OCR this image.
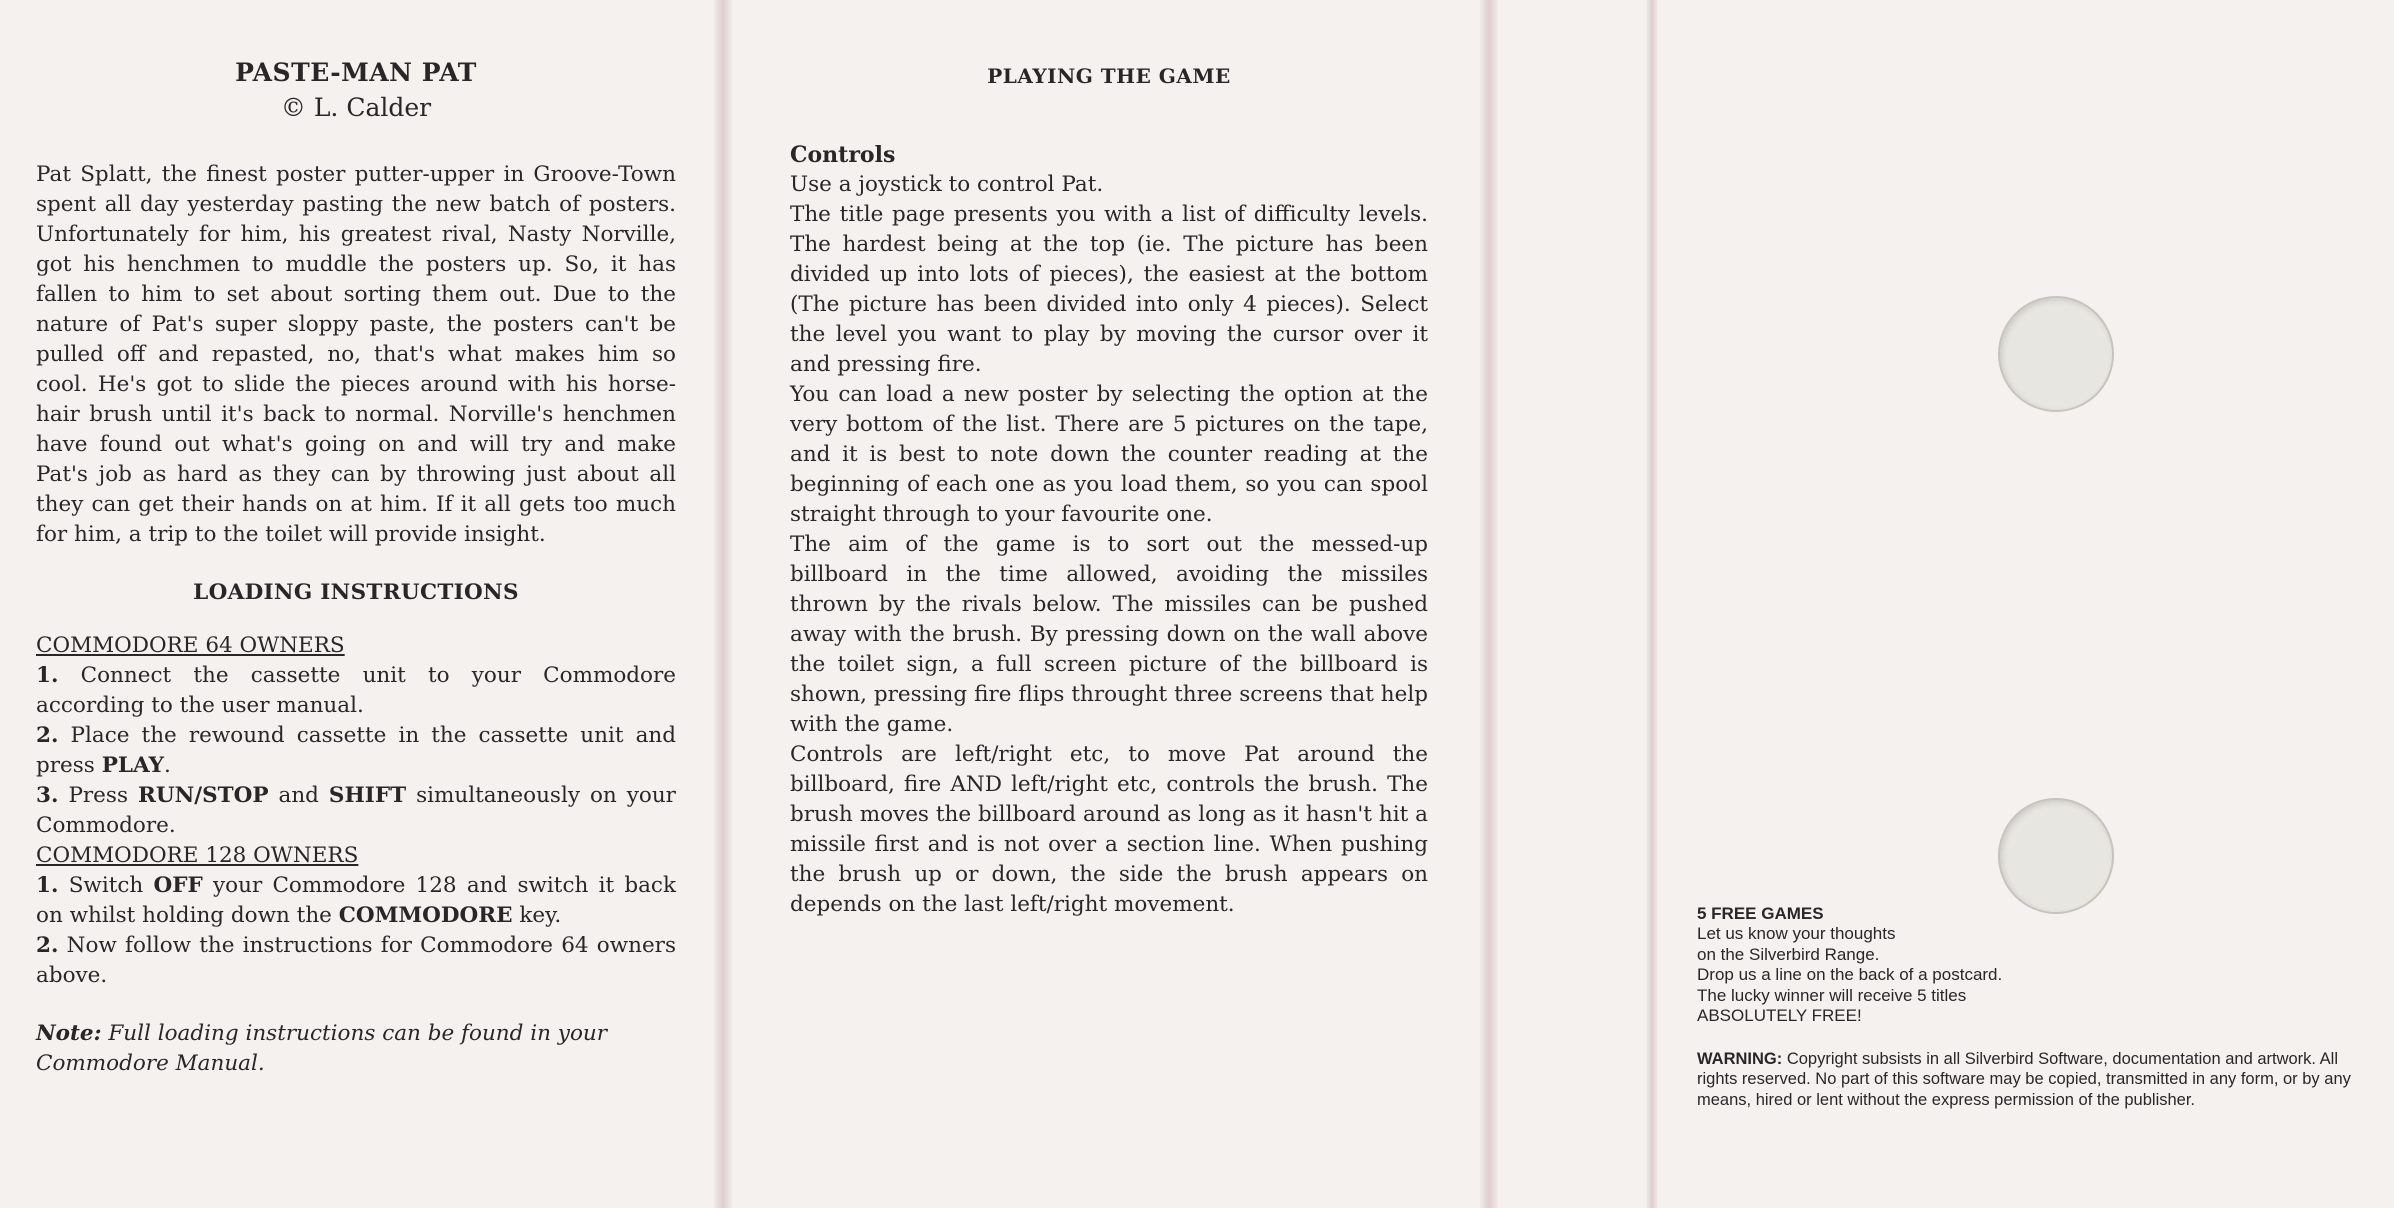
PASTE-MAN PAT
© L. Calder

Pat Splatt, the finest poster putter-upper in Groove-Town spent all day yesterday pasting the new batch of posters. Unfortunately for him, his greatest rival, Nasty Norville, got his henchmen to muddle the posters up. So, it has fallen to him to set about sorting them out. Due to the nature of Pat's super sloppy paste, the posters can't be pulled off and repasted, no, that's what makes him so cool. He's got to slide the pieces around with his horse-hair brush until it's back to normal. Norville's henchmen have found out what's going on and will try and make Pat's job as hard as they can by throwing just about all they can get their hands on at him. If it all gets too much for him, a trip to the toilet will provide insight.

LOADING INSTRUCTIONS
COMMODORE 64 OWNERS
1. Connect the cassette unit to your Commodore according to the user manual.
2. Place the rewound cassette in the cassette unit and press PLAY.
3. Press RUN/STOP and SHIFT simultaneously on your Commodore.
COMMODORE 128 OWNERS
1. Switch OFF your Commodore 128 and switch it back on whilst holding down the COMMODORE key.
2. Now follow the instructions for Commodore 64 owners above.
Note: Full loading instructions can be found in your Commodore Manual.
PLAYING THE GAME
Controls

Use a joystick to control Pat.

The title page presents you with a list of difficulty levels. The hardest being at the top (ie. The picture has been divided up into lots of pieces), the easiest at the bottom (The picture has been divided into only 4 pieces). Select the level you want to play by moving the cursor over it and pressing fire.

You can load a new poster by selecting the option at the very bottom of the list. There are 5 pictures on the tape, and it is best to note down the counter reading at the beginning of each one as you load them, so you can spool straight through to your favourite one.

The aim of the game is to sort out the messed-up billboard in the time allowed, avoiding the missiles thrown by the rivals below. The missiles can be pushed away with the brush. By pressing down on the wall above the toilet sign, a full screen picture of the billboard is shown, pressing fire flips throught three screens that help with the game.

Controls are left/right etc, to move Pat around the billboard, fire AND left/right etc, controls the brush. The brush moves the billboard around as long as it hasn't hit a missile first and is not over a section line. When pushing the brush up or down, the side the brush appears on depends on the last left/right movement.	5 FREE GAMES
Let us know your thoughts
on the Silverbird Range.
Drop us a line on the back of a postcard.
The lucky winner will receive 5 titles
ABSOLUTELY FREE!
WARNING: Copyright subsists in all Silverbird Software, documentation and artwork. All rights reserved. No part of this software may be copied, transmitted in any form, or by any means, hired or lent without the express permission of the publisher.
